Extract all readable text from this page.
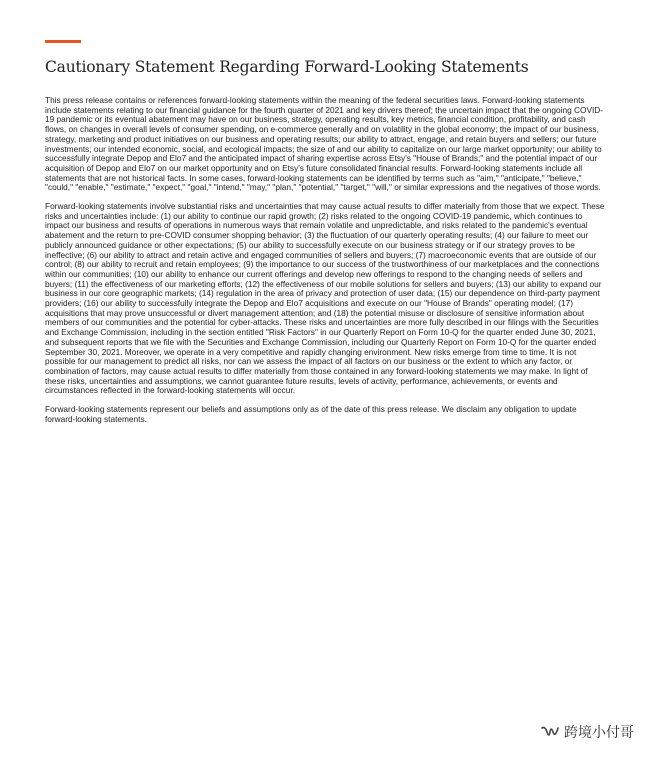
Cautionary Statement Regarding Forward-Looking Statements

This press release contains or references forward-looking statements within the meaning of the federal securities laws. Forward-looking statements include statements relating to our financial guidance for the fourth quarter of 2021 and key drivers thereof; the uncertain impact that the ongoing COVID-19 pandemic or its eventual abatement may have on our business, strategy, operating results, key metrics, financial condition, profitability, and cash flows, on changes in overall levels of consumer spending, on e-commerce generally and on volatility in the global economy; the impact of our business, strategy, marketing and product initiatives on our business and operating results; our ability to attract, engage, and retain buyers and sellers; our future investments; our intended economic, social, and ecological impacts; the size of and our ability to capitalize on our large market opportunity; our ability to successfully integrate Depop and Elo7 and the anticipated impact of sharing expertise across Etsy's "House of Brands;" and the potential impact of our acquisition of Depop and Elo7 on our market opportunity and on Etsy's future consolidated financial results. Forward-looking statements include all statements that are not historical facts. In some cases, forward-looking statements can be identified by terms such as "aim," "anticipate," "believe," "could," "enable," "estimate," "expect," "goal," "intend," "may," "plan," "potential," "target," "will," or similar expressions and the negatives of those words.

Forward-looking statements involve substantial risks and uncertainties that may cause actual results to differ materially from those that we expect. These risks and uncertainties include: (1) our ability to continue our rapid growth; (2) risks related to the ongoing COVID-19 pandemic, which continues to impact our business and results of operations in numerous ways that remain volatile and unpredictable, and risks related to the pandemic's eventual abatement and the return to pre-COVID consumer shopping behavior; (3) the fluctuation of our quarterly operating results; (4) our failure to meet our publicly announced guidance or other expectations; (5) our ability to successfully execute on our business strategy or if our strategy proves to be ineffective; (6) our ability to attract and retain active and engaged communities of sellers and buyers; (7) macroeconomic events that are outside of our control; (8) our ability to recruit and retain employees; (9) the importance to our success of the trustworthiness of our marketplaces and the connections within our communities; (10) our ability to enhance our current offerings and develop new offerings to respond to the changing needs of sellers and buyers; (11) the effectiveness of our marketing efforts; (12) the effectiveness of our mobile solutions for sellers and buyers; (13) our ability to expand our business in our core geographic markets; (14) regulation in the area of privacy and protection of user data; (15) our dependence on third-party payment providers; (16) our ability to successfully integrate the Depop and Elo7 acquisitions and execute on our "House of Brands" operating model; (17) acquisitions that may prove unsuccessful or divert management attention; and (18) the potential misuse or disclosure of sensitive information about members of our communities and the potential for cyber-attacks. These risks and uncertainties are more fully described in our filings with the Securities and Exchange Commission, including in the section entitled "Risk Factors" in our Quarterly Report on Form 10-Q for the quarter ended June 30, 2021, and subsequent reports that we file with the Securities and Exchange Commission, including our Quarterly Report on Form 10-Q for the quarter ended September 30, 2021. Moreover, we operate in a very competitive and rapidly changing environment. New risks emerge from time to time. It is not possible for our management to predict all risks, nor can we assess the impact of all factors on our business or the extent to which any factor, or combination of factors, may cause actual results to differ materially from those contained in any forward-looking statements we may make. In light of these risks, uncertainties and assumptions, we cannot guarantee future results, levels of activity, performance, achievements, or events and circumstances reflected in the forward-looking statements will occur.

Forward-looking statements represent our beliefs and assumptions only as of the date of this press release. We disclaim any obligation to update forward-looking statements.

跨境小付哥
